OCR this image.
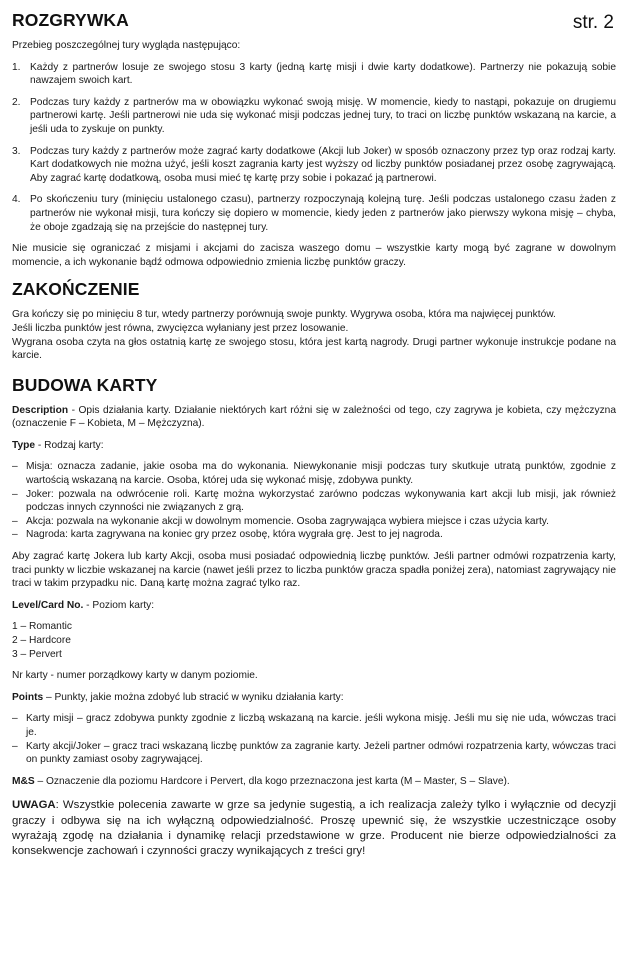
str. 2
ROZGRYWKA

Przebieg poszczególnej tury wygląda następująco:

1. Każdy z partnerów losuje ze swojego stosu 3 karty (jedną kartę misji i dwie karty dodatkowe). Partnerzy nie pokazują sobie nawzajem swoich kart.
2. Podczas tury każdy z partnerów ma w obowiązku wykonać swoją misję. W momencie, kiedy to nastąpi, pokazuje on drugiemu partnerowi kartę. Jeśli partnerowi nie uda się wykonać misji podczas jednej tury, to traci on liczbę punktów wskazaną na karcie, a jeśli uda to zyskuje on punkty.
3. Podczas tury każdy z partnerów może zagrać karty dodatkowe (Akcji lub Joker) w sposób oznaczony przez typ oraz rodzaj karty. Kart dodatkowych nie można użyć, jeśli koszt zagrania karty jest wyższy od liczby punktów posiadanej przez osobę zagrywającą. Aby zagrać kartę dodatkową, osoba musi mieć tę kartę przy sobie i pokazać ją partnerowi.
4. Po skończeniu tury (minięciu ustalonego czasu), partnerzy rozpoczynają kolejną turę. Jeśli podczas ustalonego czasu żaden z partnerów nie wykonał misji, tura kończy się dopiero w momencie, kiedy jeden z partnerów jako pierwszy wykona misję – chyba, że oboje zgadzają się na przejście do następnej tury.

Nie musicie się ograniczać z misjami i akcjami do zacisza waszego domu – wszystkie karty mogą być zagrane w dowolnym momencie, a ich wykonanie bądź odmowa odpowiednio zmienia liczbę punktów graczy.

ZAKOŃCZENIE
Gra kończy się po minięciu 8 tur, wtedy partnerzy porównują swoje punkty. Wygrywa osoba, która ma najwięcej punktów.
Jeśli liczba punktów jest równa, zwycięzca wyłaniany jest przez losowanie.
Wygrana osoba czyta na głos ostatnią kartę ze swojego stosu, która jest kartą nagrody. Drugi partner wykonuje instrukcje podane na karcie.
BUDOWA KARTY

Description - Opis działania karty. Działanie niektórych kart różni się w zależności od tego, czy zagrywa je kobieta, czy mężczyzna (oznaczenie F – Kobieta, M – Mężczyzna).

Type - Rodzaj karty:

– Misja: oznacza zadanie, jakie osoba ma do wykonania. Niewykonanie misji podczas tury skutkuje utratą punktów, zgodnie z wartością wskazaną na karcie. Osoba, której uda się wykonać misję, zdobywa punkty.
– Joker: pozwala na odwrócenie roli. Kartę można wykorzystać zarówno podczas wykonywania kart akcji lub misji, jak również podczas innych czynności nie związanych z grą.
– Akcja: pozwala na wykonanie akcji w dowolnym momencie. Osoba zagrywająca wybiera miejsce i czas użycia karty.
– Nagroda: karta zagrywana na koniec gry przez osobę, która wygrała grę. Jest to jej nagroda.

Aby zagrać kartę Jokera lub karty Akcji, osoba musi posiadać odpowiednią liczbę punktów. Jeśli partner odmówi rozpatrzenia karty, traci punkty w liczbie wskazanej na karcie (nawet jeśli przez to liczba punktów gracza spadła poniżej zera), natomiast zagrywający nie traci w takim przypadku nic. Daną kartę można zagrać tylko raz.

Level/Card No. - Poziom karty:

1 – Romantic
2 – Hardcore
3 – Pervert

Nr karty - numer porządkowy karty w danym poziomie.

Points – Punkty, jakie można zdobyć lub stracić w wyniku działania karty:

– Karty misji – gracz zdobywa punkty zgodnie z liczbą wskazaną na karcie. jeśli wykona misję. Jeśli mu się nie uda, wówczas traci je.
– Karty akcji/Joker – gracz traci wskazaną liczbę punktów za zagranie karty. Jeżeli partner odmówi rozpatrzenia karty, wówczas traci on punkty zamiast osoby zagrywającej.

M&S – Oznaczenie dla poziomu Hardcore i Pervert, dla kogo przeznaczona jest karta (M – Master, S – Slave).

UWAGA: Wszystkie polecenia zawarte w grze sa jedynie sugestią, a ich realizacja zależy tylko i wyłącznie od decyzji graczy i odbywa się na ich wyłączną odpowiedzialność. Proszę upewnić się, że wszystkie uczestniczące osoby wyrażają zgodę na działania i dynamikę relacji przedstawione w grze. Producent nie bierze odpowiedzialności za konsekwencje zachowań i czynności graczy wynikających z treści gry!
